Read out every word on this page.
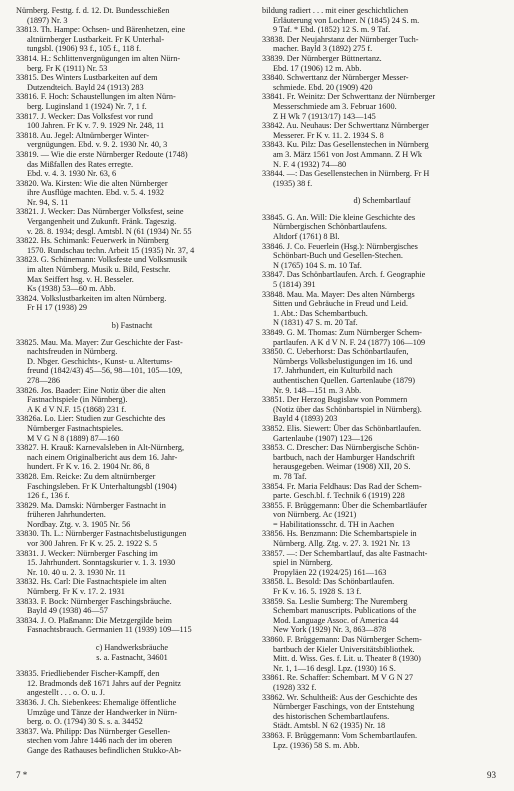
Nürnberg. Festtg. f. d. 12. Dt. Bundesschießen
(1897) Nr. 3
33813. Th. Hampe: Ochsen- und Bärenhetzen, eine
altnürnberger Lustbarkeit. Fr K Unterhal-
tungsbl. (1906) 93 f., 105 f., 118 f.
33814. H.: Schlittenvergnügungen im alten Nürn-
berg. Fr K (1911) Nr. 53
33815. Des Winters Lustbarkeiten auf dem
Dutzendteich. Bayld 24 (1913) 283
33816. F. Hoch: Schaustellungen im alten Nürn-
berg. Luginsland 1 (1924) Nr. 7, 1 f.
33817. J. Wecker: Das Volksfest vor rund
100 Jahren. Fr K v. 7. 9. 1929 Nr. 248, 11
33818. Au. Jegel: Altnürnberger Winter-
vergnügungen. Ebd. v. 9. 2. 1930 Nr. 40, 3
33819. — Wie die erste Nürnberger Redoute (1748)
das Mißfallen des Rates erregte.
Ebd. v. 4. 3. 1930 Nr. 63, 6
33820. Wa. Kirsten: Wie die alten Nürnberger
ihre Ausflüge machten. Ebd. v. 5. 4. 1932
Nr. 94, S. 11
33821. J. Wecker: Das Nürnberger Volksfest, seine
Vergangenheit und Zukunft. Fränk. Tageszig.
v. 28. 8. 1934; desgl. Amtsbl. N (61 (1934) Nr. 55
33822. Hs. Schimank: Feuerwerk in Nürnberg
1570. Rundschau techn. Arbeit 15 (1935) Nr. 37, 4
33823. G. Schünemann: Volksfeste und Volksmusik
im alten Nürnberg. Musik u. Bild, Festschr.
Max Seiffert hsg. v. H. Besseler.
Ks (1938) 53—60 m. Abb.
33824. Volkslustbarkeiten im alten Nürnberg.
Fr H 17 (1938) 29
b) Fastnacht
33825. Mau. Ma. Mayer: Zur Geschichte der Fast-
nachtsfreuden in Nürnberg.
D. Nbger. Geschichts-, Kunst- u. Altertums-
freund (1842/43) 45—56, 98—101, 105—109,
278—286
33826. Jos. Baader: Eine Notiz über die alten
Fastnachtspiele (in Nürnberg).
A K d V N.F. 15 (1868) 231 f.
33826a. Lo. Lier: Studien zur Geschichte des
Nürnberger Fastnachtspieles.
M V G N 8 (1889) 87—160
33827. H. Krauß: Karnevalsleben in Alt-Nürnberg,
nach einem Originalbericht aus dem 16. Jahr-
hundert. Fr K v. 16. 2. 1904 Nr. 86, 8
33828. Em. Reicke: Zu dem altnürnberger
Faschingsleben. Fr K Unterhaltungsbl (1904)
126 f., 136 f.
33829. Ma. Damski: Nürnberger Fastnacht in
früheren Jahrhunderten.
Nordbay. Ztg. v. 3. 1905 Nr. 56
33830. Th. L.: Nürnberger Fastnachtsbelustigungen
vor 300 Jahren. Fr K v. 25. 2. 1922 S. 5
33831. J. Wecker: Nürnberger Fasching im
15. Jahrhundert. Sonntagskurier v. 1. 3. 1930
Nr. 10. 40 u. 2. 3. 1930 Nr. 11
33832. Hs. Carl: Die Fastnachtspiele im alten
Nürnberg. Fr K v. 17. 2. 1931
33833. F. Bock: Nürnberger Faschingsbräuche.
Bayld 49 (1938) 46—57
33834. J. O. Plaßmann: Die Metzgergilde beim
Fasnachtsbrauch. Germanien 11 (1939) 109—115
c) Handwerksbräuche
s. a. Fastnacht, 34601
33835. Friedliebender Fischer-Kampff, den
12. Bradmonds deß 1671 Jahrs auf der Pegnitz
angestellt . . . o. O. u. J.
33836. J. Ch. Siebenkees: Ehemalige öffentliche
Umzüge und Tänze der Handwerker in Nürn-
berg. o. O. (1794) 30 S. s. a. 34452
33837. Wa. Philipp: Das Nürnberger Gesellen-
stechen vom Jahre 1446 nach der im oberen
Gange des Rathauses befindlichen Stukko-Ab-
bildung radiert . . . mit einer geschichtlichen
Erläuterung von Lochner. N (1845) 24 S. m.
9 Taf. * Ebd. (1852) 12 S. m. 9 Taf.
33838. Der Neujahrstanz der Nürnberger Tuch-
macher. Bayld 3 (1892) 275 f.
33839. Der Nürnberger Büttnertanz.
Ebd. 17 (1906) 12 m. Abb.
33840. Schwerttanz der Nürnberger Messer-
schmiede. Ebd. 20 (1909) 420
33841. Fr. Weinitz: Der Schwerttanz der Nürnberger
Messerschmiede am 3. Februar 1600.
Z H Wk 7 (1913/17) 143—145
33842. Au. Neuhaus: Der Schwerttanz Nürnberger
Messerer. Fr K v. 11. 2. 1934 S. 8
33843. Ku. Pilz: Das Gesellenstechen in Nürnberg
am 3. März 1561 von Jost Ammann. Z H Wk
N. F. 4 (1932) 74—80
33844. —: Das Gesellenstechen in Nürnberg. Fr H
(1935) 38 f.
d) Schembartlauf
33845. G. An. Will: Die kleine Geschichte des
Nürnbergischen Schönbartlaufens.
Altdorf (1761) 8 Bl.
33846. J. Co. Feuerlein (Hsg.): Nürnbergisches
Schönbart-Buch und Gesellen-Stechen.
N (1765) 104 S. m. 10 Taf.
33847. Das Schönbartlaufen. Arch. f. Geographie
5 (1814) 391
33848. Mau. Ma. Mayer: Des alten Nürnbergs
Sitten und Gebräuche in Freud und Leid.
1. Abt.: Das Schembartbuch.
N (1831) 47 S. m. 20 Taf.
33849. G. M. Thomas: Zum Nürnberger Schem-
partlaufen. A K d V N. F. 24 (1877) 106—109
33850. C. Ueberhorst: Das Schönbartlaufen,
Nürnbergs Volksbelustigungen im 16. und
17. Jahrhundert, ein Kulturbild nach
authentischen Quellen. Gartenlaube (1879)
Nr. 9. 148—151 m. 3 Abb.
33851. Der Herzog Bugislaw von Pommern
(Notiz über das Schönbartspiel in Nürnberg).
Bayld 4 (1893) 203
33852. Elis. Siewert: Über das Schönbartlaufen.
Gartenlaube (1907) 123—126
33853. C. Drescher: Das Nürnbergische Schön-
bartbuch, nach der Hamburger Handschrift
herausgegeben. Weimar (1908) XII, 20 S.
m. 78 Taf.
33854. Fr. Maria Feldhaus: Das Rad der Schem-
parte. Gesch.bl. f. Technik 6 (1919) 228
33855. F. Brüggemann: Über die Schembartläufer
von Nürnberg. Ac (1921)
= Habilitationsschr. d. TH in Aachen
33856. Hs. Benzmann: Die Schembartspiele in
Nürnberg. Allg. Ztg. v. 27. 3. 1921 Nr. 13
33857. —: Der Schembartlauf, das alte Fastnacht-
spiel in Nürnberg.
Propyläen 22 (1924/25) 161—163
33858. L. Besold: Das Schönbartlaufen.
Fr K v. 16. 5. 1928 S. 13 f.
33859. Sa. Leslie Sumberg: The Nuremberg
Schembart manuscripts. Publications of the
Mod. Language Assoc. of America 44
New York (1929) Nr. 3, 863—878
33860. F. Brüggemann: Das Nürnberger Schem-
bartbuch der Kieler Universitätsbibliothek.
Mitt. d. Wiss. Ges. f. Lit. u. Theater 8 (1930)
Nr. 1, 1—16 desgl. Lpz. (1930) 16 S.
33861. Re. Schaffer: Schembart. M V G N 27
(1928) 332 f.
33862. Wr. Schultheiß: Aus der Geschichte des
Nürnberger Faschings, von der Entstehung
des historischen Schembartlaufens.
Städt. Amtsbl. N 62 (1935) Nr. 18
33863. F. Brüggemann: Vom Schembartlaufen.
Lpz. (1936) 58 S. m. Abb.
7 *	93
